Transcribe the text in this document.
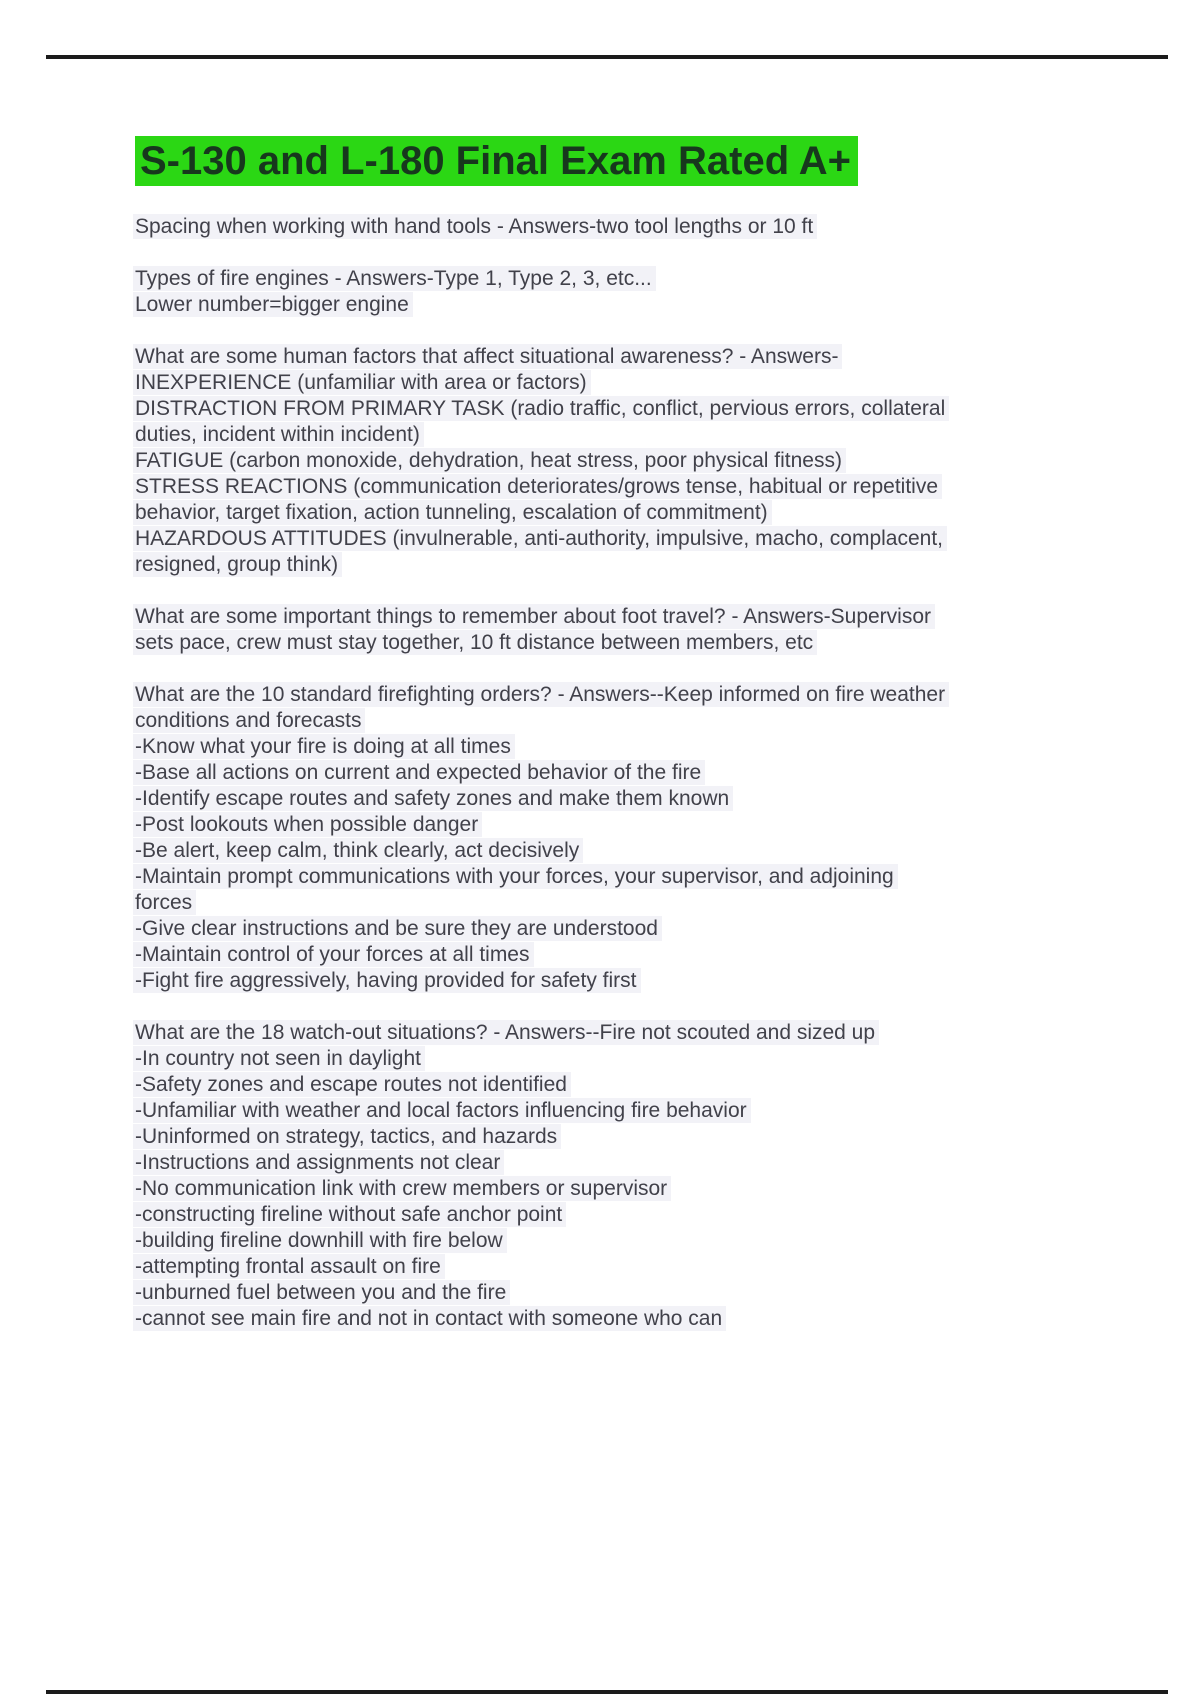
S-130 and L-180 Final Exam Rated A+
Spacing when working with hand tools - Answers-two tool lengths or 10 ft
Types of fire engines - Answers-Type 1, Type 2, 3, etc...
Lower number=bigger engine
What are some human factors that affect situational awareness? - Answers-
INEXPERIENCE (unfamiliar with area or factors)
DISTRACTION FROM PRIMARY TASK (radio traffic, conflict, pervious errors, collateral
duties, incident within incident)
FATIGUE (carbon monoxide, dehydration, heat stress, poor physical fitness)
STRESS REACTIONS (communication deteriorates/grows tense, habitual or repetitive
behavior, target fixation, action tunneling, escalation of commitment)
HAZARDOUS ATTITUDES (invulnerable, anti-authority, impulsive, macho, complacent,
resigned, group think)
What are some important things to remember about foot travel? - Answers-Supervisor
sets pace, crew must stay together, 10 ft distance between members, etc
What are the 10 standard firefighting orders? - Answers--Keep informed on fire weather
conditions and forecasts
-Know what your fire is doing at all times
-Base all actions on current and expected behavior of the fire
-Identify escape routes and safety zones and make them known
-Post lookouts when possible danger
-Be alert, keep calm, think clearly, act decisively
-Maintain prompt communications with your forces, your supervisor, and adjoining
forces
-Give clear instructions and be sure they are understood
-Maintain control of your forces at all times
-Fight fire aggressively, having provided for safety first
What are the 18 watch-out situations? - Answers--Fire not scouted and sized up
-In country not seen in daylight
-Safety zones and escape routes not identified
-Unfamiliar with weather and local factors influencing fire behavior
-Uninformed on strategy, tactics, and hazards
-Instructions and assignments not clear
-No communication link with crew members or supervisor
-constructing fireline without safe anchor point
-building fireline downhill with fire below
-attempting frontal assault on fire
-unburned fuel between you and the fire
-cannot see main fire and not in contact with someone who can
